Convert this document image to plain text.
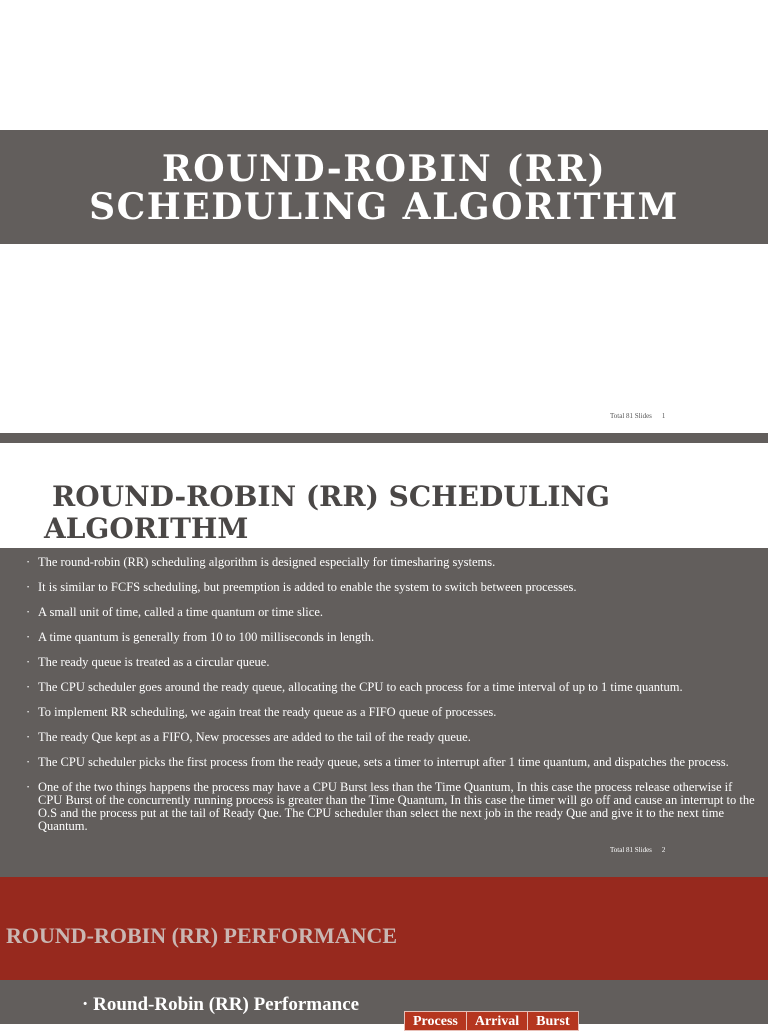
ROUND-ROBIN (RR)
SCHEDULING ALGORITHM
Total 81 Slides 1
ROUND-ROBIN (RR) SCHEDULING
ALGORITHM
· The round-robin (RR) scheduling algorithm is designed especially for timesharing systems.
· It is similar to FCFS scheduling, but preemption is added to enable the system to switch between processes.
· A small unit of time, called a time quantum or time slice.
· A time quantum is generally from 10 to 100 milliseconds in length.
· The ready queue is treated as a circular queue.
· The CPU scheduler goes around the ready queue, allocating the CPU to each process for a time interval of up to 1 time quantum.
· To implement RR scheduling, we again treat the ready queue as a FIFO queue of processes.
· The ready Que kept as a FIFO, New processes are added to the tail of the ready queue.
· The CPU scheduler picks the first process from the ready queue, sets a timer to interrupt after 1 time quantum, and dispatches the process.
· One of the two things happens the process may have a CPU Burst less than the Time Quantum, In this case the process release otherwise if CPU Burst of the concurrently running process is greater than the Time Quantum, In this case the timer will go off and cause an interrupt to the O.S and the process put at the tail of Ready Que. The CPU scheduler than select the next job in the ready Que and give it to the next time Quantum.
Total 81 Slides 2
ROUND-ROBIN (RR) PERFORMANCE
· Round-Robin (RR) Performance
Process	Arrival	Burst
